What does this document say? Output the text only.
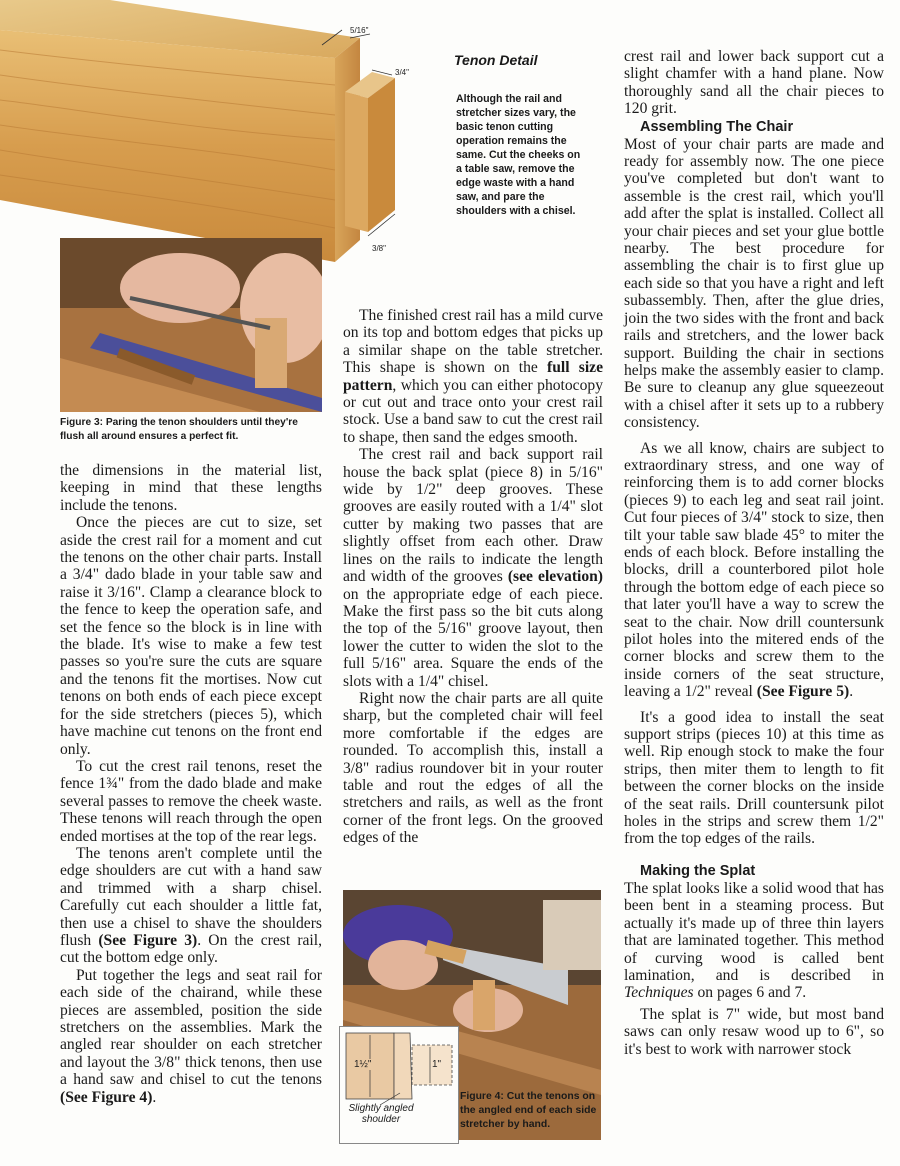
5/16"
3/4"
3/8"
Tenon Detail
Although the rail and stretcher sizes vary, the basic tenon cutting operation remains the same. Cut the cheeks on a table saw, remove the edge waste with a hand saw, and pare the shoulders with a chisel.
Figure 3: Paring the tenon shoulders until they're flush all around ensures a perfect fit.
1½"	1"
Slightly angled shoulder
Figure 4: Cut the tenons on the angled end of each side stretcher by hand.

the dimensions in the material list, keeping in mind that these lengths include the tenons.

Once the pieces are cut to size, set aside the crest rail for a moment and cut the tenons on the other chair parts. Install a 3/4" dado blade in your table saw and raise it 3/16". Clamp a clearance block to the fence to keep the operation safe, and set the fence so the block is in line with the blade. It's wise to make a few test passes so you're sure the cuts are square and the tenons fit the mortises. Now cut tenons on both ends of each piece except for the side stretchers (pieces 5), which have machine cut tenons on the front end only.

To cut the crest rail tenons, reset the fence 1¾" from the dado blade and make several passes to remove the cheek waste. These tenons will reach through the open ended mortises at the top of the rear legs.

The tenons aren't complete until the edge shoulders are cut with a hand saw and trimmed with a sharp chisel. Carefully cut each shoulder a little fat, then use a chisel to shave the shoulders flush (See Figure 3). On the crest rail, cut the bottom edge only.

Put together the legs and seat rail for each side of the chairand, while these pieces are assembled, position the side stretchers on the assemblies. Mark the angled rear shoulder on each stretcher and layout the 3/8" thick tenons, then use a hand saw and chisel to cut the tenons (See Figure 4).

The finished crest rail has a mild curve on its top and bottom edges that picks up a similar shape on the table stretcher. This shape is shown on the full size pattern, which you can either photocopy or cut out and trace onto your crest rail stock. Use a band saw to cut the crest rail to shape, then sand the edges smooth.

The crest rail and back support rail house the back splat (piece 8) in 5/16" wide by 1/2" deep grooves. These grooves are easily routed with a 1/4" slot cutter by making two passes that are slightly offset from each other. Draw lines on the rails to indicate the length and width of the grooves (see elevation) on the appropriate edge of each piece. Make the first pass so the bit cuts along the top of the 5/16" groove layout, then lower the cutter to widen the slot to the full 5/16" area. Square the ends of the slots with a 1/4" chisel.

Right now the chair parts are all quite sharp, but the completed chair will feel more comfortable if the edges are rounded. To accomplish this, install a 3/8" radius roundover bit in your router table and rout the edges of all the stretchers and rails, as well as the front corner of the front legs. On the grooved edges of the

crest rail and lower back support cut a slight chamfer with a hand plane. Now thoroughly sand all the chair pieces to 120 grit.

Assembling The Chair

Most of your chair parts are made and ready for assembly now. The one piece you've completed but don't want to assemble is the crest rail, which you'll add after the splat is installed. Collect all your chair pieces and set your glue bottle nearby. The best procedure for assembling the chair is to first glue up each side so that you have a right and left subassembly. Then, after the glue dries, join the two sides with the front and back rails and stretchers, and the lower back support. Building the chair in sections helps make the assembly easier to clamp. Be sure to cleanup any glue squeezeout with a chisel after it sets up to a rubbery consistency.

As we all know, chairs are subject to extraordinary stress, and one way of reinforcing them is to add corner blocks (pieces 9) to each leg and seat rail joint. Cut four pieces of 3/4" stock to size, then tilt your table saw blade 45° to miter the ends of each block. Before installing the blocks, drill a counterbored pilot hole through the bottom edge of each piece so that later you'll have a way to screw the seat to the chair. Now drill countersunk pilot holes into the mitered ends of the corner blocks and screw them to the inside corners of the seat structure, leaving a 1/2" reveal (See Figure 5).

It's a good idea to install the seat support strips (pieces 10) at this time as well. Rip enough stock to make the four strips, then miter them to length to fit between the corner blocks on the inside of the seat rails. Drill countersunk pilot holes in the strips and screw them 1/2" from the top edges of the rails.

Making the Splat

The splat looks like a solid wood that has been bent in a steaming process. But actually it's made up of three thin layers that are laminated together. This method of curving wood is called bent lamination, and is described in Techniques on pages 6 and 7.

The splat is 7" wide, but most band saws can only resaw wood up to 6", so it's best to work with narrower stock
